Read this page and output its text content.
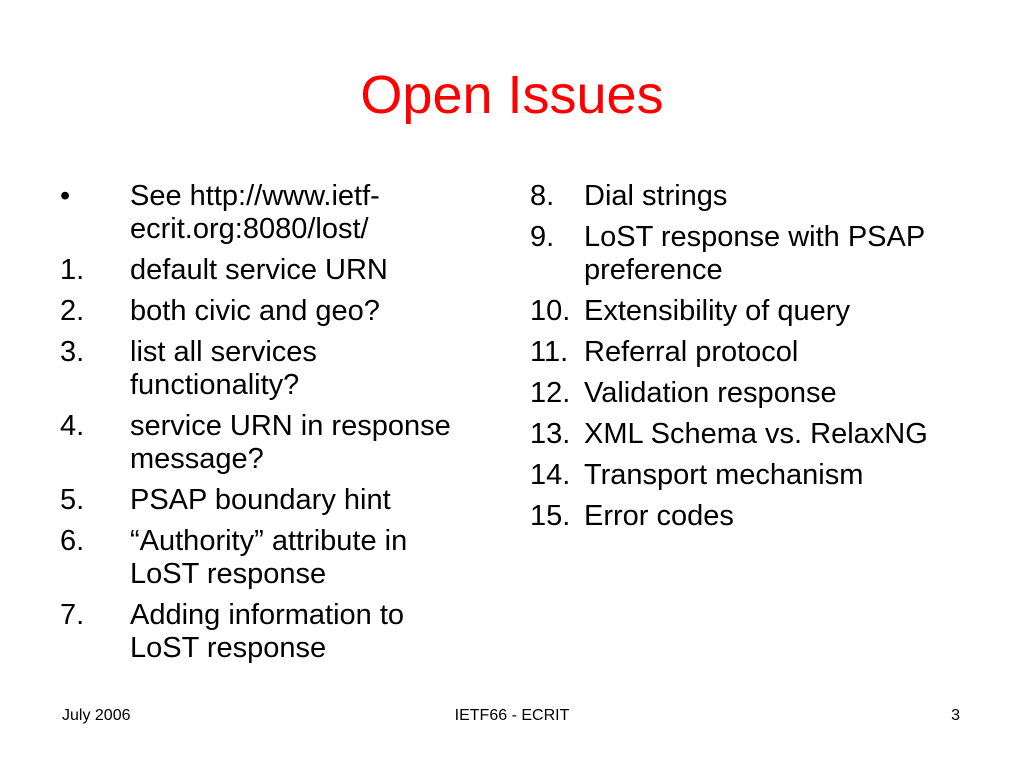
Open Issues
•	See http://www.ietf-ecrit.org:8080/lost/
1.	default service URN
2.	both civic and geo?
3.	list all services functionality?
4.	service URN in response message?
5.	PSAP boundary hint
6.	“Authority” attribute in LoST response
7.	Adding information to LoST response
8.	Dial strings
9.	LoST response with PSAP preference
10. Extensibility of query
11. Referral protocol
12. Validation response
13. XML Schema vs. RelaxNG
14. Transport mechanism
15. Error codes
July 2006	IETF66 - ECRIT	3
